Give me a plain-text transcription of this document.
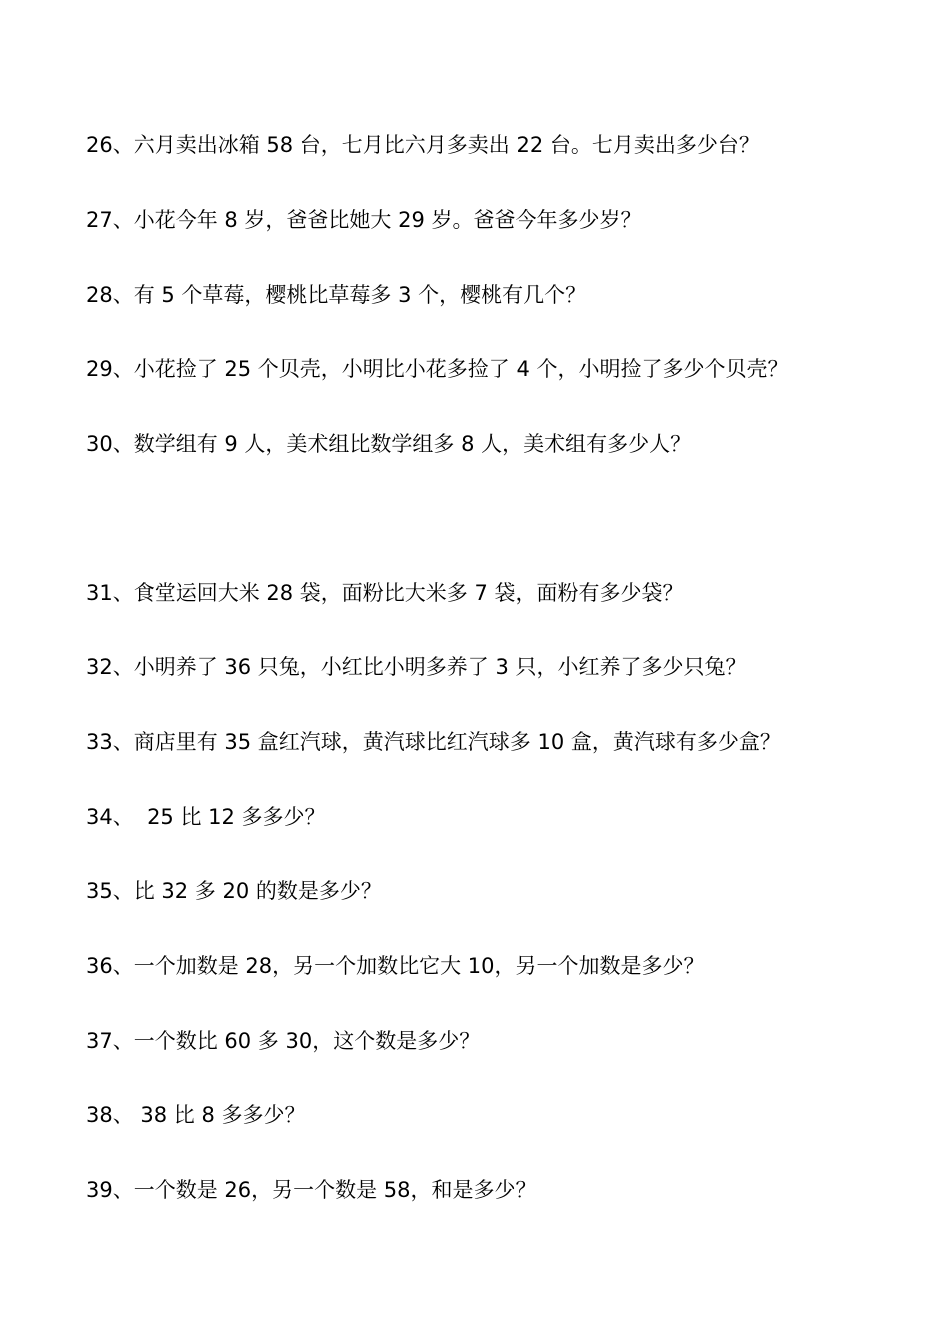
26、六月卖出冰箱 58 台，七月比六月多卖出 22 台。七月卖出多少台？
27、小花今年 8 岁，爸爸比她大 29 岁。爸爸今年多少岁？
28、有 5 个草莓，樱桃比草莓多 3 个，樱桃有几个？
29、小花捡了 25 个贝壳，小明比小花多捡了 4 个，小明捡了多少个贝壳？
30、数学组有 9 人，美术组比数学组多 8 人，美术组有多少人？
31、食堂运回大米 28 袋，面粉比大米多 7 袋，面粉有多少袋？
32、小明养了 36 只兔，小红比小明多养了 3 只，小红养了多少只兔？
33、商店里有 35 盒红汽球，黄汽球比红汽球多 10 盒，黄汽球有多少盒？
34、  25 比 12 多多少？
35、比 32 多 20 的数是多少？
36、一个加数是 28，另一个加数比它大 10，另一个加数是多少？
37、一个数比 60 多 30，这个数是多少？
38、 38 比 8 多多少？
39、一个数是 26，另一个数是 58，和是多少？
